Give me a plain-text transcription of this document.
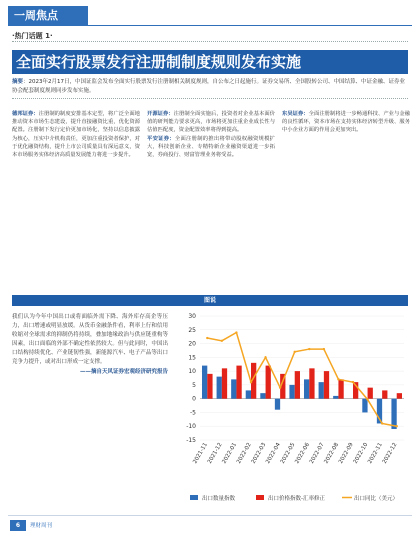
一周焦点
·热门话题 1·
全面实行股票发行注册制制度规则发布实施
摘要：2023年2月17日，中国证监会发布全面实行股票发行注册制相关制度规则，自公布之日起施行。证券交易所、全国股转公司、中国结算、中证金融、证券业协会配套制度规则同步发布实施。

德邦证券：注册制的制度安排基本定型，将广泛全面地推动资本市场生态建设，提升直接融资比重，优化资源配置。注册制下发行定价更加市场化，坚持以信息披露为核心，压实中介机构责任，更加注重投资者保护，对于优化融资结构，提升上市公司质量具有深远意义，资本市场服务实体经济高质量发展能力将进一步提升。

开源证券：注册制全面实施后，投资者对企业基本面价值的研判能力要求更高，市场将更加注重企业成长性与估值匹配度，资金配置效率将得到提高。

平安证券：全面注册制的推出将带动股权融资规模扩大，科技创新企业、专精特新企业融资渠道进一步拓宽，券商投行、财富管理业务将受益。

东吴证券：全面注册制将进一步畅通科技、产业与金融的良性循环，资本市场在支持实体经济转型升级、服务中小企业方面的作用会更加突出。

图说
我们认为今年中国出口或将面临外需下降、海外库存高企等压力，出口增速或明显放缓。从货币金融条件看，利率上行和信用收缩对全球需求的抑制仍将持续，叠加地缘政治与供应链重构等因素，出口面临的外部不确定性依然较大。但与此同时，中国出口结构持续优化、产业链韧性强，新能源汽车、电子产品等出口竞争力提升，或对出口形成一定支撑。
——摘自天风证券宏观经济研究报告
-15
-10
-5
0
5
10
15
20
25
30
2021-11
2021-12
2022-01
2022-02
2022-03
2022-04
2022-05
2022-06
2022-07
2022-08
2022-09
2022-10
2022-11
2022-12
出口数量指数	出口价格指数-汇率修正	出口同比（美元）
6	理财周刊
